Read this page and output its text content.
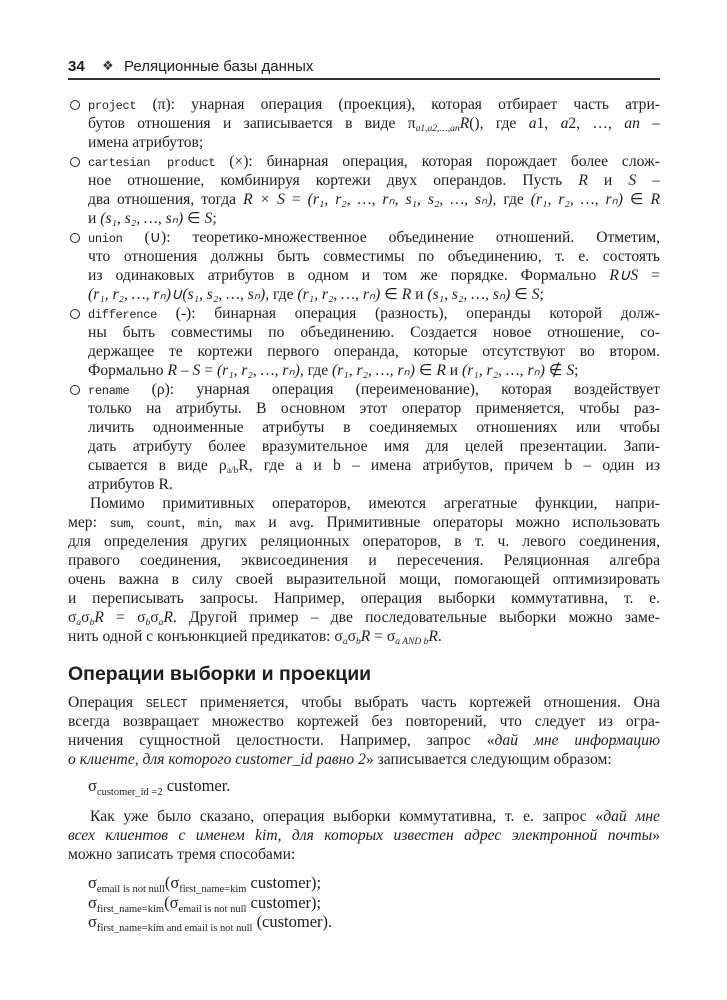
34	❖ Реляционные базы данных
project (π): унарная операция (проекция), которая отбирает часть атри-
бутов отношения и записывается в виде πa1,a2,…,anR(), где a1, a2, …, an –
имена атрибутов;
cartesian product (×): бинарная операция, которая порождает более слож-
ное отношение, комбинируя кортежи двух операндов. Пусть R и S –
два отношения, тогда R × S = (r₁, r₂, …, rₙ, s₁, s₂, …, sₙ), где (r₁, r₂, …, rₙ) ∈ R
и (s₁, s₂, …, sₙ) ∈ S;
union (∪): теоретико-множественное объединение отношений. Отметим,
что отношения должны быть совместимы по объединению, т. е. состоять
из одинаковых атрибутов в одном и том же порядке. Формально R∪S =
(r₁, r₂, …, rₙ)∪(s₁, s₂, …, sₙ), где (r₁, r₂, …, rₙ) ∈ R и (s₁, s₂, …, sₙ) ∈ S;
difference (-): бинарная операция (разность), операнды которой долж-
ны быть совместимы по объединению. Создается новое отношение, со-
держащее те кортежи первого операнда, которые отсутствуют во втором.
Формально R – S = (r₁, r₂, …, rₙ), где (r₁, r₂, …, rₙ) ∈ R и (r₁, r₂, …, rₙ) ∉ S;
rename (ρ): унарная операция (переименование), которая воздействует
только на атрибуты. В основном этот оператор применяется, чтобы раз-
личить одноименные атрибуты в соединяемых отношениях или чтобы
дать атрибуту более вразумительное имя для целей презентации. Запи-
сывается в виде ρa/bR, где a и b – имена атрибутов, причем b – один из
атрибутов R.
Помимо примитивных операторов, имеются агрегатные функции, напри-
мер: sum, count, min, max и avg. Примитивные операторы можно использовать
для определения других реляционных операторов, в т. ч. левого соединения,
правого соединения, эквисоединения и пересечения. Реляционная алгебра
очень важна в силу своей выразительной мощи, помогающей оптимизировать
и переписывать запросы. Например, операция выборки коммутативна, т. е.
σaσbR = σbσaR. Другой пример – две последовательные выборки можно заме-
нить одной с конъюнкцией предикатов: σaσbR = σa AND bR.
Операции выборки и проекции
Операция SELECT применяется, чтобы выбрать часть кортежей отношения. Она
всегда возвращает множество кортежей без повторений, что следует из огра-
ничения сущностной целостности. Например, запрос «дай мне информацию
о клиенте, для которого customer_id равно 2» записывается следующим образом:
$\sigma_{customer\_id =2}$ customer.
Как уже было сказано, операция выборки коммутативна, т. е. запрос «дай мне
всех клиентов с именем kim, для которых известен адрес электронной почты»
можно записать тремя способами:
$\sigma_{email is not null}(\sigma_{first\_name=kim}$ customer);
$\sigma_{first\_name=kim}(\sigma_{email is not null}$ customer);
$\sigma_{first\_name=kim and email is not null}$ (customer).
